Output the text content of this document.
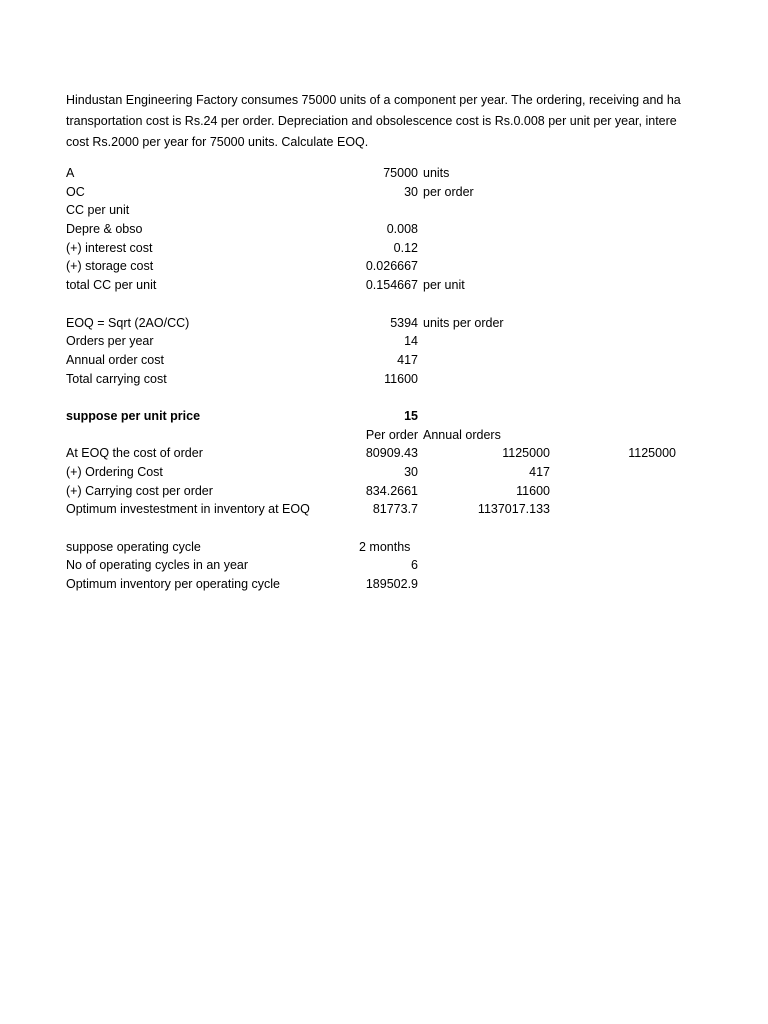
Hindustan Engineering Factory consumes 75000 units of a component per year. The ordering, receiving and ha
transportation cost is Rs.24 per order. Depreciation and obsolescence cost is Rs.0.008 per unit per year, intere
cost Rs.2000 per year for 75000 units. Calculate EOQ.
A	75000 units
OC	30 per order
CC per unit
Depre & obso	0.008
(+) interest cost	0.12
(+) storage cost	0.026667
total CC per unit	0.154667 per unit
EOQ = Sqrt (2AO/CC)	5394 units per order
Orders per year	14
Annual order cost	417
Total carrying cost	11600
suppose per unit price	15
Per order Annual orders
At EOQ the cost of order	80909.43	1125000	1125000
(+) Ordering Cost	30	417
(+) Carrying cost per order	834.2661	11600
Optimum investestment in inventory at EOQ	81773.7	1137017.133
suppose operating cycle	2 months
No of operating cycles in an year	6
Optimum inventory per operating cycle	189502.9
